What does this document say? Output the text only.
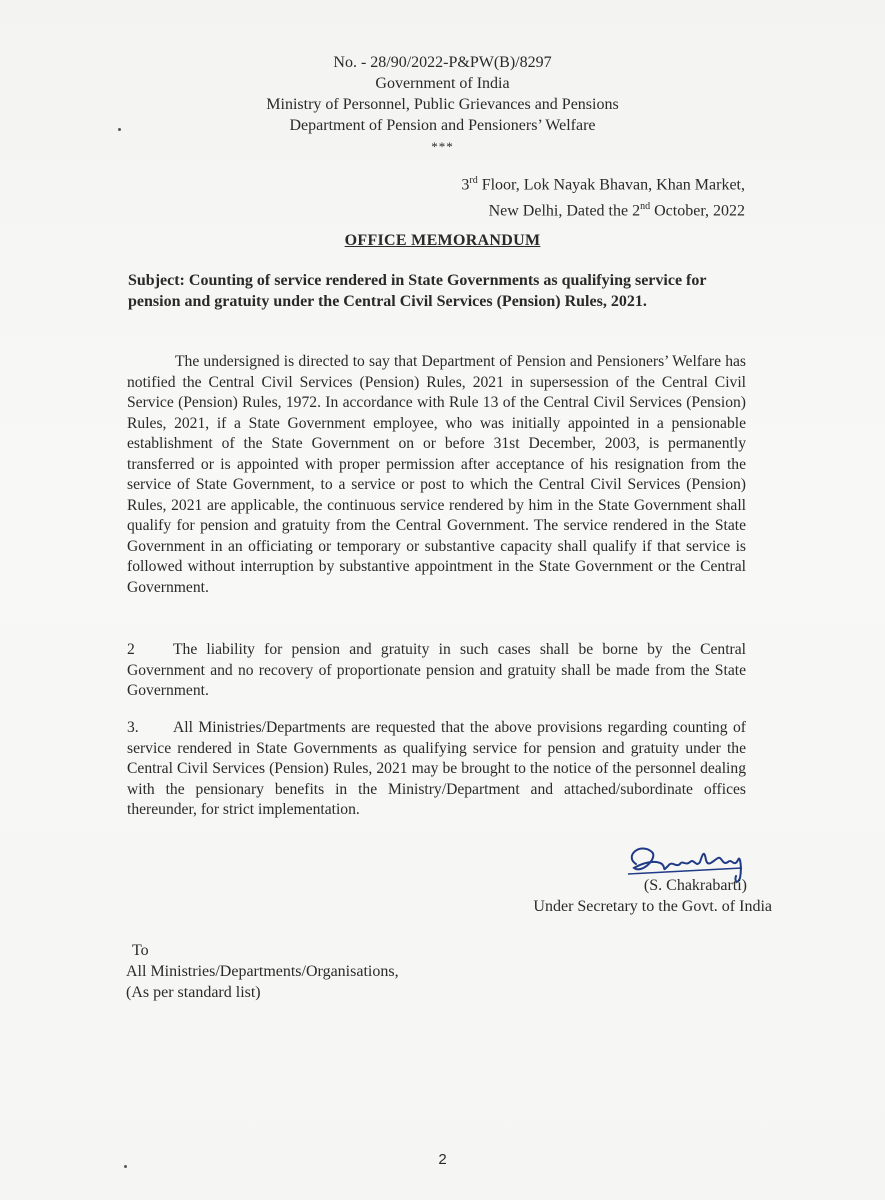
No. - 28/90/2022-P&PW(B)/8297
Government of India
Ministry of Personnel, Public Grievances and Pensions
Department of Pension and Pensioners’ Welfare
***
3rd Floor, Lok Nayak Bhavan, Khan Market,
New Delhi, Dated the 2nd October, 2022
OFFICE MEMORANDUM
Subject: Counting of service rendered in State Governments as qualifying service for pension and gratuity under the Central Civil Services (Pension) Rules, 2021.
The undersigned is directed to say that Department of Pension and Pensioners’ Welfare has notified the Central Civil Services (Pension) Rules, 2021 in supersession of the Central Civil Service (Pension) Rules, 1972. In accordance with Rule 13 of the Central Civil Services (Pension) Rules, 2021, if a State Government employee, who was initially appointed in a pensionable establishment of the State Government on or before 31st December, 2003, is permanently transferred or is appointed with proper permission after acceptance of his resignation from the service of State Government, to a service or post to which the Central Civil Services (Pension) Rules, 2021 are applicable, the continuous service rendered by him in the State Government shall qualify for pension and gratuity from the Central Government. The service rendered in the State Government in an officiating or temporary or substantive capacity shall qualify if that service is followed without interruption by substantive appointment in the State Government or the Central Government.
2 The liability for pension and gratuity in such cases shall be borne by the Central Government and no recovery of proportionate pension and gratuity shall be made from the State Government.
3. All Ministries/Departments are requested that the above provisions regarding counting of service rendered in State Governments as qualifying service for pension and gratuity under the Central Civil Services (Pension) Rules, 2021 may be brought to the notice of the personnel dealing with the pensionary benefits in the Ministry/Department and attached/subordinate offices thereunder, for strict implementation.
(S. Chakrabarti)
Under Secretary to the Govt. of India
To
All Ministries/Departments/Organisations,
(As per standard list)
2
